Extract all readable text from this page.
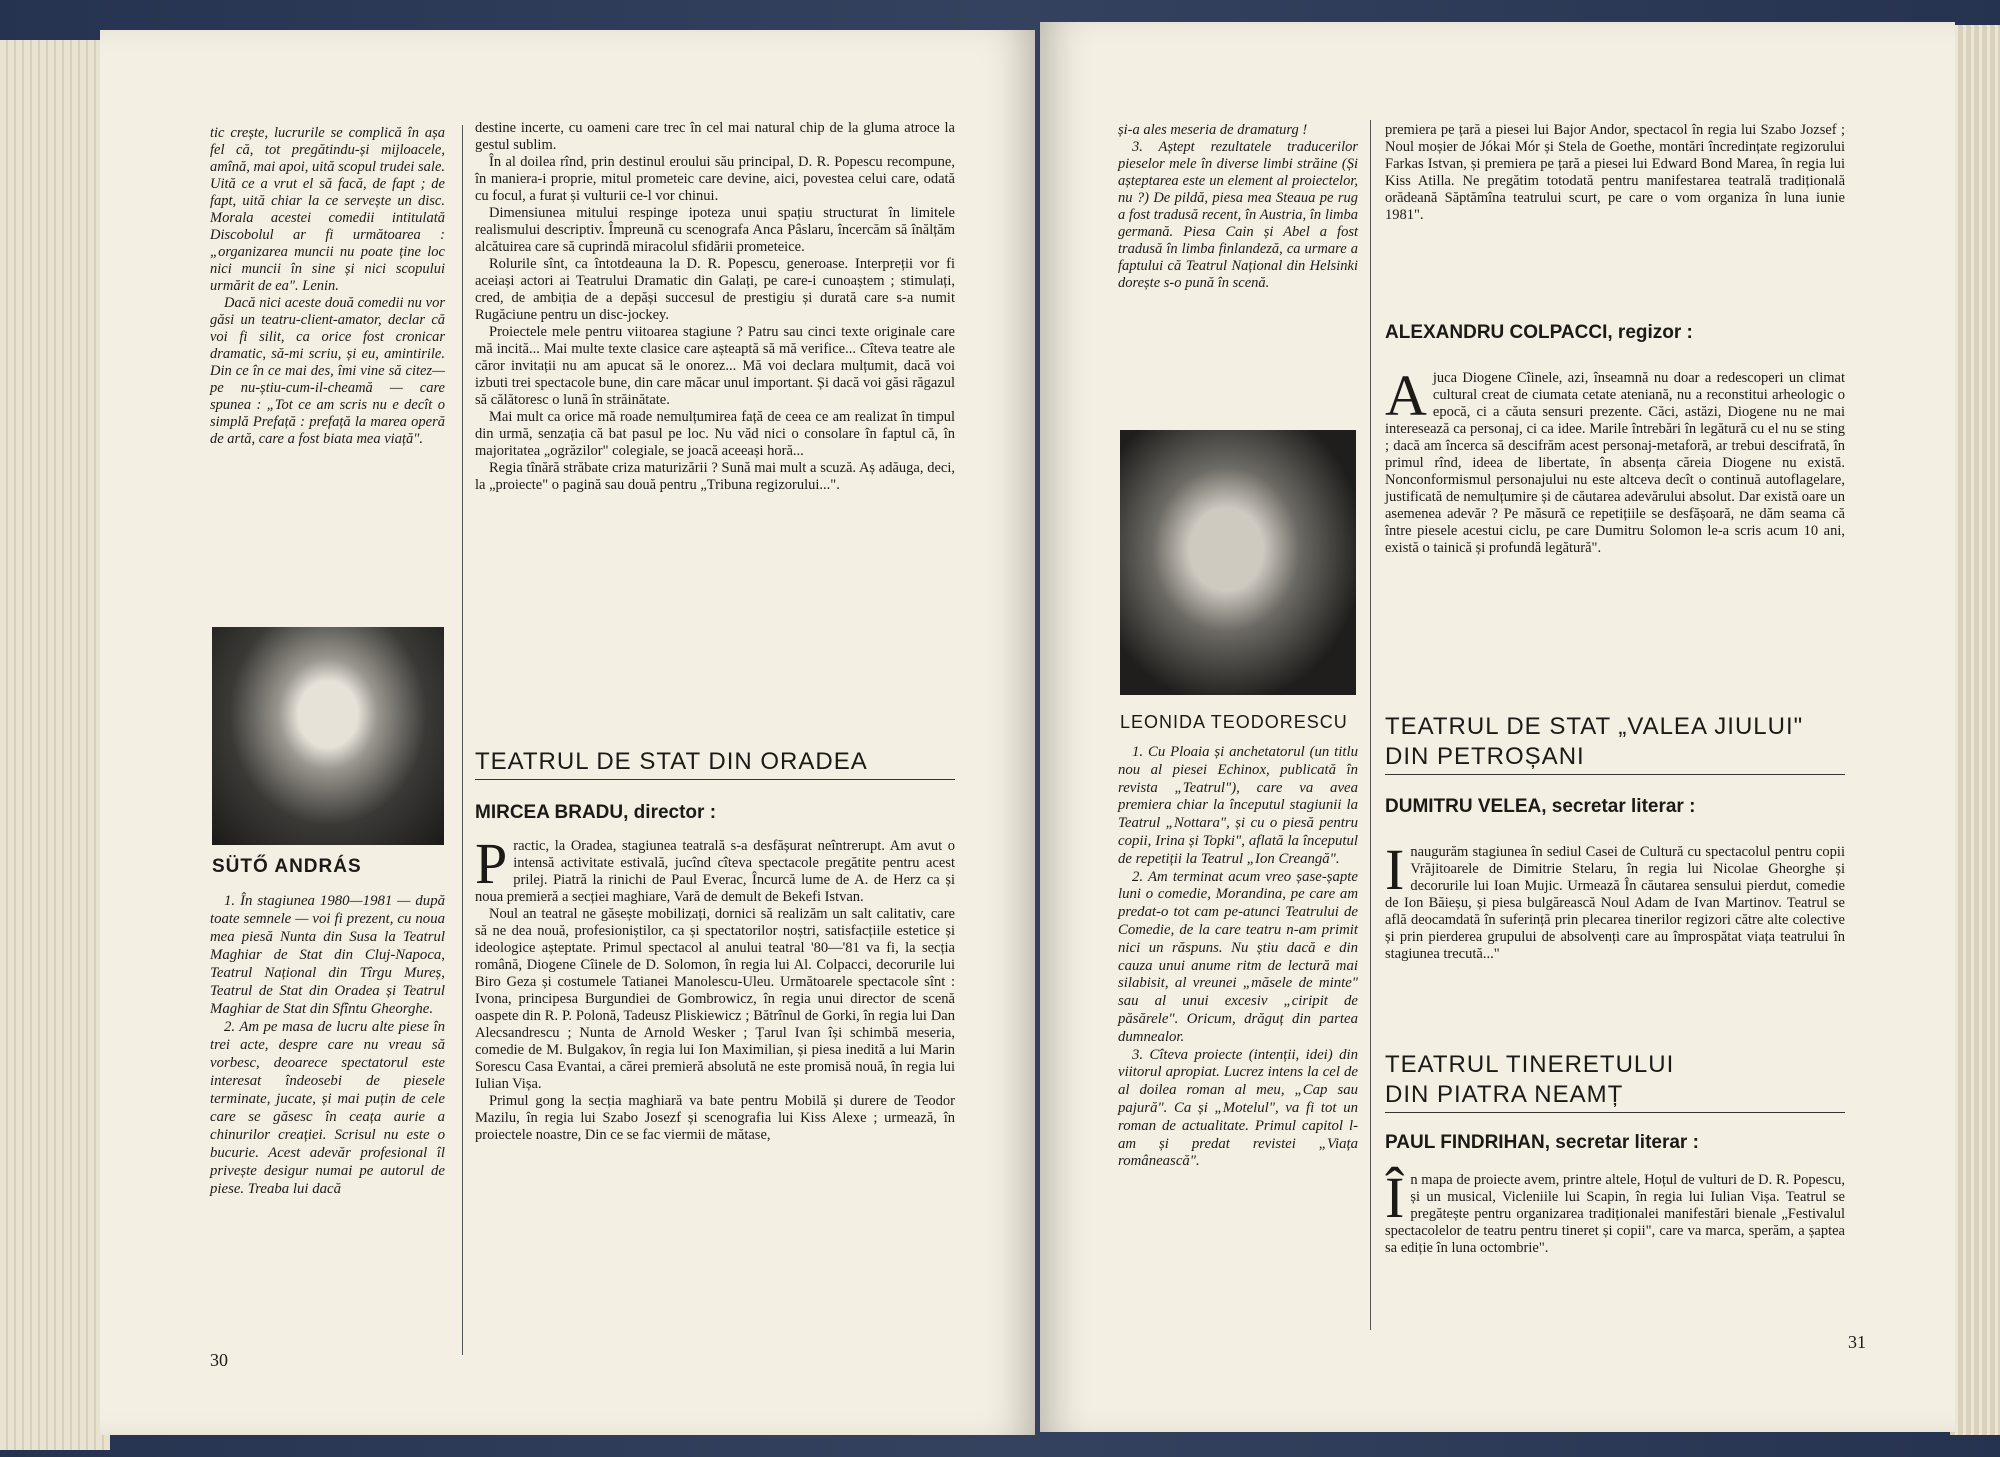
tic crește, lucrurile se complică în așa fel că, tot pregătindu-și mijloacele, amînă, mai apoi, uită scopul trudei sale. Uită ce a vrut el să facă, de fapt ; de fapt, uită chiar la ce servește un disc. Morala acestei comedii intitulată Discobolul ar fi următoarea : „organizarea muncii nu poate ține loc nici muncii în sine și nici scopului urmărit de ea". Lenin.

Dacă nici aceste două comedii nu vor găsi un teatru-client-amator, declar că voi fi silit, ca orice fost cronicar dramatic, să-mi scriu, și eu, amintirile. Din ce în ce mai des, îmi vine să citez—pe nu-știu-cum-il-cheamă — care spunea : „Tot ce am scris nu e decît o simplă Prefață : prefață la marea operă de artă, care a fost biata mea viață".

SÜTŐ ANDRÁS

1. În stagiunea 1980—1981 — după toate semnele — voi fi prezent, cu noua mea piesă Nunta din Susa la Teatrul Maghiar de Stat din Cluj-Napoca, Teatrul Național din Tîrgu Mureș, Teatrul de Stat din Oradea și Teatrul Maghiar de Stat din Sfîntu Gheorghe.

2. Am pe masa de lucru alte piese în trei acte, despre care nu vreau să vorbesc, deoarece spectatorul este interesat îndeosebi de piesele terminate, jucate, și mai puțin de cele care se găsesc în ceața aurie a chinurilor creației. Scrisul nu este o bucurie. Acest adevăr profesional îl privește desigur numai pe autorul de piese. Treaba lui dacă

destine incerte, cu oameni care trec în cel mai natural chip de la gluma atroce la gestul sublim.

În al doilea rînd, prin destinul eroului său principal, D. R. Popescu recompune, în maniera-i proprie, mitul prometeic care devine, aici, povestea celui care, odată cu focul, a furat și vulturii ce-l vor chinui.

Dimensiunea mitului respinge ipoteza unui spațiu structurat în limitele realismului descriptiv. Împreună cu scenografa Anca Pâslaru, încercăm să înălțăm alcătuirea care să cuprindă miracolul sfidării prometeice.

Rolurile sînt, ca întotdeauna la D. R. Popescu, generoase. Interpreții vor fi aceiași actori ai Teatrului Dramatic din Galați, pe care-i cunoaștem ; stimulați, cred, de ambiția de a depăși succesul de prestigiu și durată care s-a numit Rugăciune pentru un disc-jockey.

Proiectele mele pentru viitoarea stagiune ? Patru sau cinci texte originale care mă incită... Mai multe texte clasice care așteaptă să mă verifice... Cîteva teatre ale căror invitații nu am apucat să le onorez... Mă voi declara mulțumit, dacă voi izbuti trei spectacole bune, din care măcar unul important. Și dacă voi găsi răgazul să călătoresc o lună în străinătate.

Mai mult ca orice mă roade nemulțumirea față de ceea ce am realizat în timpul din urmă, senzația că bat pasul pe loc. Nu văd nici o consolare în faptul că, în majoritatea „ogrăzilor" colegiale, se joacă aceeași horă...

Regia tînără străbate criza maturizării ? Sună mai mult a scuză. Aș adăuga, deci, la „proiecte" o pagină sau două pentru „Tribuna regizorului...".

TEATRUL DE STAT DIN ORADEA
MIRCEA BRADU, director :

Practic, la Oradea, stagiunea teatrală s-a desfășurat neîntrerupt. Am avut o intensă activitate estivală, jucînd cîteva spectacole pregătite pentru acest prilej. Piatră la rinichi de Paul Everac, Încurcă lume de A. de Herz ca și noua premieră a secției maghiare, Vară de demult de Bekefi Istvan.

Noul an teatral ne găsește mobilizați, dornici să realizăm un salt calitativ, care să ne dea nouă, profesioniștilor, ca și spectatorilor noștri, satisfacțiile estetice și ideologice așteptate. Primul spectacol al anului teatral '80—'81 va fi, la secția română, Diogene Cîinele de D. Solomon, în regia lui Al. Colpacci, decorurile lui Biro Geza și costumele Tatianei Manolescu-Uleu. Următoarele spectacole sînt : Ivona, principesa Burgundiei de Gombrowicz, în regia unui director de scenă oaspete din R. P. Polonă, Tadeusz Pliskiewicz ; Bătrînul de Gorki, în regia lui Dan Alecsandrescu ; Nunta de Arnold Wesker ; Țarul Ivan își schimbă meseria, comedie de M. Bulgakov, în regia lui Ion Maximilian, și piesa inedită a lui Marin Sorescu Casa Evantai, a cărei premieră absolută ne este promisă nouă, în regia lui Iulian Vișa.

Primul gong la secția maghiară va bate pentru Mobilă și durere de Teodor Mazilu, în regia lui Szabo Josezf și scenografia lui Kiss Alexe ; urmează, în proiectele noastre, Din ce se fac viermii de mătase,

30

și-a ales meseria de dramaturg !

3. Aștept rezultatele traducerilor pieselor mele în diverse limbi străine (Și așteptarea este un element al proiectelor, nu ?) De pildă, piesa mea Steaua pe rug a fost tradusă recent, în Austria, în limba germană. Piesa Cain și Abel a fost tradusă în limba finlandeză, ca urmare a faptului că Teatrul Național din Helsinki dorește s-o pună în scenă.

LEONIDA TEODORESCU

1. Cu Ploaia și anchetatorul (un titlu nou al piesei Echinox, publicată în revista „Teatrul"), care va avea premiera chiar la începutul stagiunii la Teatrul „Nottara", și cu o piesă pentru copii, Irina și Topki", aflată la începutul de repetiții la Teatrul „Ion Creangă".

2. Am terminat acum vreo șase-șapte luni o comedie, Morandina, pe care am predat-o tot cam pe-atunci Teatrului de Comedie, de la care teatru n-am primit nici un răspuns. Nu știu dacă e din cauza unui anume ritm de lectură mai silabisit, al vreunei „măsele de minte" sau al unui excesiv „ciripit de păsărele". Oricum, drăguț din partea dumnealor.

3. Cîteva proiecte (intenții, idei) din viitorul apropiat. Lucrez intens la cel de al doilea roman al meu, „Cap sau pajură". Ca și „Motelul", va fi tot un roman de actualitate. Primul capitol l-am și predat revistei „Viața românească".

premiera pe țară a piesei lui Bajor Andor, spectacol în regia lui Szabo Jozsef ; Noul moșier de Jókai Mór și Stela de Goethe, montări încredințate regizorului Farkas Istvan, și premiera pe țară a piesei lui Edward Bond Marea, în regia lui Kiss Atilla. Ne pregătim totodată pentru manifestarea teatrală tradițională orădeană Săptămîna teatrului scurt, pe care o vom organiza în luna iunie 1981".

ALEXANDRU COLPACCI, regizor :

Ajuca Diogene Cîinele, azi, înseamnă nu doar a redescoperi un climat cultural creat de ciumata cetate ateniană, nu a reconstitui arheologic o epocă, ci a căuta sensuri prezente. Căci, astăzi, Diogene nu ne mai interesează ca personaj, ci ca idee. Marile întrebări în legătură cu el nu se sting ; dacă am încerca să descifrăm acest personaj-metaforă, ar trebui descifrată, în primul rînd, ideea de libertate, în absența căreia Diogene nu există. Nonconformismul personajului nu este altceva decît o continuă autoflagelare, justificată de nemulțumire și de căutarea adevărului absolut. Dar există oare un asemenea adevăr ? Pe măsură ce repetițiile se desfășoară, ne dăm seama că între piesele acestui ciclu, pe care Dumitru Solomon le-a scris acum 10 ani, există o tainică și profundă legătură".

TEATRUL DE STAT „VALEA JIULUI"
DIN PETROȘANI
DUMITRU VELEA, secretar literar :

Inaugurăm stagiunea în sediul Casei de Cultură cu spectacolul pentru copii Vrăjitoarele de Dimitrie Stelaru, în regia lui Nicolae Gheorghe și decorurile lui Ioan Mujic. Urmează În căutarea sensului pierdut, comedie de Ion Băieșu, și piesa bulgărească Noul Adam de Ivan Martinov. Teatrul se află deocamdată în suferință prin plecarea tinerilor regizori către alte colective și prin pierderea grupului de absolvenți care au împrospătat viața teatrului în stagiunea trecută..."

TEATRUL TINERETULUI
DIN PIATRA NEAMȚ
PAUL FINDRIHAN, secretar literar :

În mapa de proiecte avem, printre altele, Hoțul de vulturi de D. R. Popescu, și un musical, Vicleniile lui Scapin, în regia lui Iulian Vișa. Teatrul se pregătește pentru organizarea tradiționalei manifestări bienale „Festivalul spectacolelor de teatru pentru tineret și copii", care va marca, sperăm, a șaptea sa ediție în luna octombrie".

31
